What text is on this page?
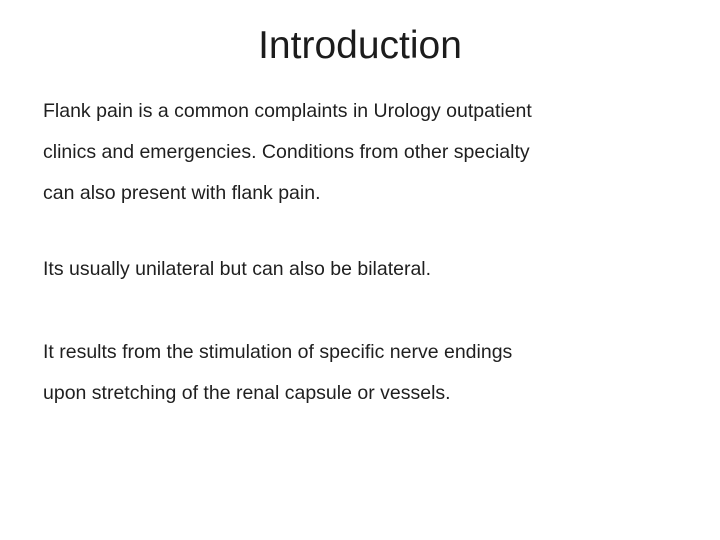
Introduction

Flank pain is a common complaints in Urology outpatient
clinics and emergencies. Conditions from other specialty
can also present with flank pain.

Its usually unilateral but can also be bilateral.

It results from the stimulation of specific nerve endings
upon stretching of the renal capsule or vessels.
